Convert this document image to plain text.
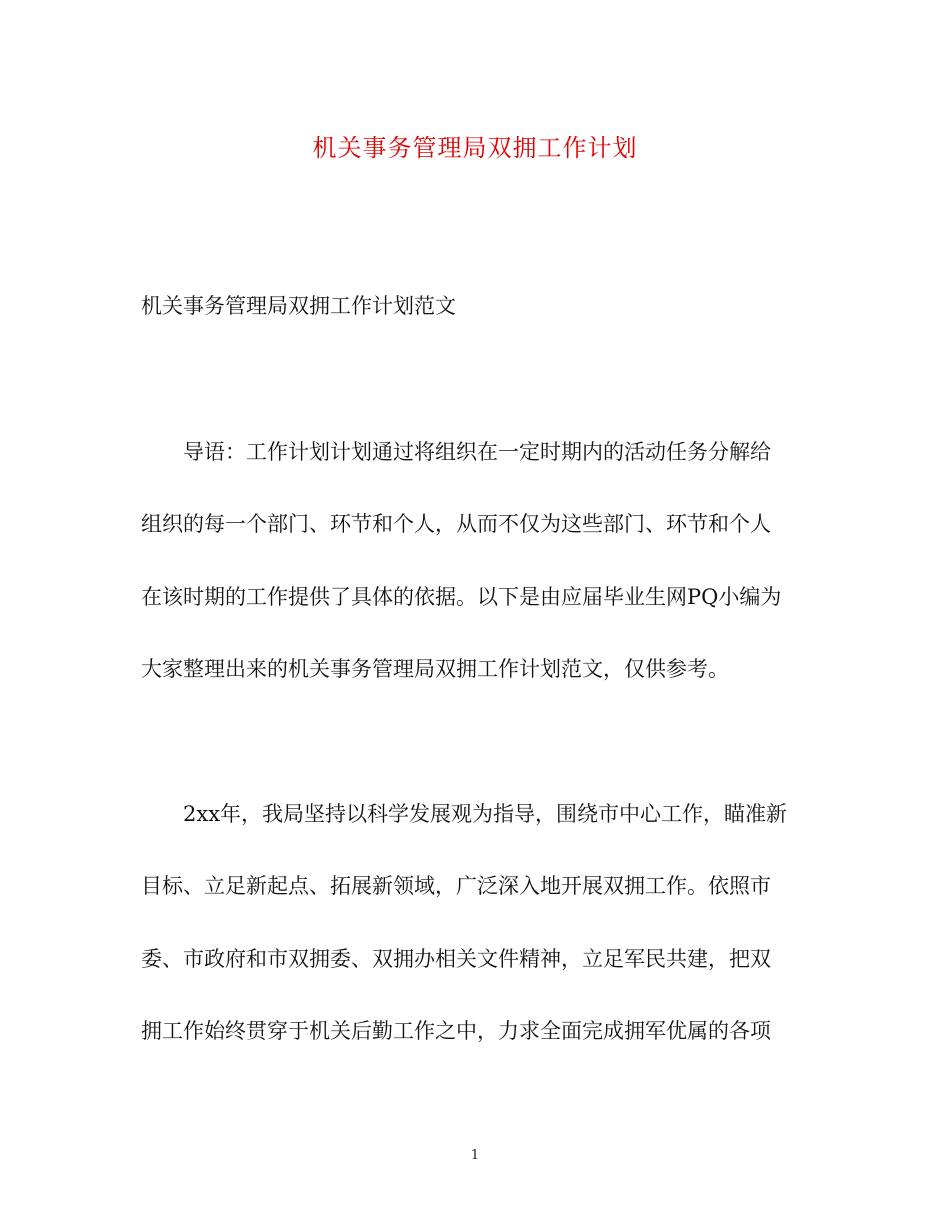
机关事务管理局双拥工作计划
机关事务管理局双拥工作计划范文
导语：工作计划计划通过将组织在一定时期内的活动任务分解给
组织的每一个部门、环节和个人，从而不仅为这些部门、环节和个人
在该时期的工作提供了具体的依据。以下是由应届毕业生网PQ小编为
大家整理出来的机关事务管理局双拥工作计划范文，仅供参考。
2xx年，我局坚持以科学发展观为指导，围绕市中心工作，瞄准新
目标、立足新起点、拓展新领域，广泛深入地开展双拥工作。依照市
委、市政府和市双拥委、双拥办相关文件精神，立足军民共建，把双
拥工作始终贯穿于机关后勤工作之中，力求全面完成拥军优属的各项
1
